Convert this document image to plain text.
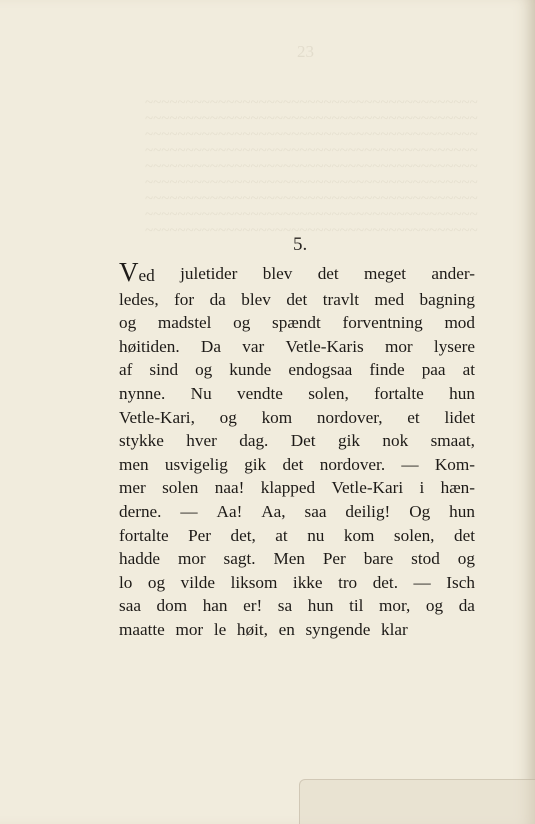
23
~~~~~~~~~~~~~~~~~~~~~~~~~~~~~~~~~~~~~~~~~
~~~~~~~~~~~~~~~~~~~~~~~~~~~~~~~~~~~~~~~~~
~~~~~~~~~~~~~~~~~~~~~~~~~~~~~~~~~~~~~~~~~
~~~~~~~~~~~~~~~~~~~~~~~~~~~~~~~~~~~~~~~~~
~~~~~~~~~~~~~~~~~~~~~~~~~~~~~~~~~~~~~~~~~
~~~~~~~~~~~~~~~~~~~~~~~~~~~~~~~~~~~~~~~~~
~~~~~~~~~~~~~~~~~~~~~~~~~~~~~~~~~~~~~~~~~
~~~~~~~~~~~~~~~~~~~~~~~~~~~~~~~~~~~~~~~~~
~~~~~~~~~~~~~~~~~~~~~~~~~~~~~~~~~~~~~~~~~
5.
Ved juletider blev det meget ander-
ledes, for da blev det travlt med bagning
og madstel og spændt forventning mod
høitiden. Da var Vetle-Karis mor lysere
af sind og kunde endogsaa finde paa at
nynne. Nu vendte solen, fortalte hun
Vetle-Kari, og kom nordover, et lidet
stykke hver dag. Det gik nok smaat,
men usvigelig gik det nordover. — Kom-
mer solen naa! klapped Vetle-Kari i hæn-
derne. — Aa! Aa, saa deilig! Og hun
fortalte Per det, at nu kom solen, det
hadde mor sagt. Men Per bare stod og
lo og vilde liksom ikke tro det. — Isch
saa dom han er! sa hun til mor, og da
maatte mor le høit, en syngende klar
